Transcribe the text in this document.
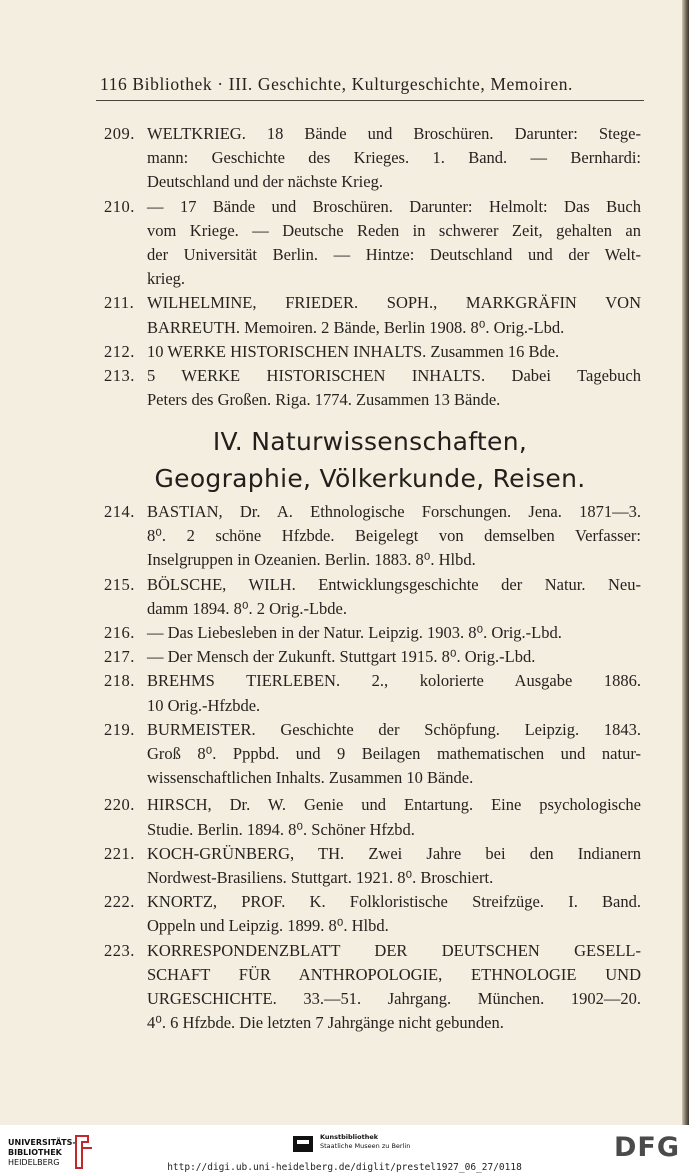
116 Bibliothek · III. Geschichte, Kulturgeschichte, Memoiren.
209. WELTKRIEG. 18 Bände und Broschüren. Darunter: Stege-
mann: Geschichte des Krieges. 1. Band. — Bernhardi:
Deutschland und der nächste Krieg.
210. — 17 Bände und Broschüren. Darunter: Helmolt: Das Buch
vom Kriege. — Deutsche Reden in schwerer Zeit, gehalten an
der Universität Berlin. — Hintze: Deutschland und der Welt-
krieg.
211. WILHELMINE, FRIEDER. SOPH., MARKGRÄFIN VON
BARREUTH. Memoiren. 2 Bände, Berlin 1908. 8⁰. Orig.-Lbd.
212. 10 WERKE HISTORISCHEN INHALTS. Zusammen 16 Bde.
213. 5 WERKE HISTORISCHEN INHALTS. Dabei Tagebuch
Peters des Großen. Riga. 1774. Zusammen 13 Bände.
IV. Naturwissenschaften,
Geographie, Völkerkunde, Reisen.
214. BASTIAN, Dr. A. Ethnologische Forschungen. Jena. 1871—3.
8⁰. 2 schöne Hfzbde. Beigelegt von demselben Verfasser:
Inselgruppen in Ozeanien. Berlin. 1883. 8⁰. Hlbd.
215. BÖLSCHE, WILH. Entwicklungsgeschichte der Natur. Neu-
damm 1894. 8⁰. 2 Orig.-Lbde.
216. — Das Liebesleben in der Natur. Leipzig. 1903. 8⁰. Orig.-Lbd.
217. — Der Mensch der Zukunft. Stuttgart 1915. 8⁰. Orig.-Lbd.
218. BREHMS TIERLEBEN. 2., kolorierte Ausgabe 1886.
10 Orig.-Hfzbde.
219. BURMEISTER. Geschichte der Schöpfung. Leipzig. 1843.
Groß 8⁰. Pppbd. und 9 Beilagen mathematischen und natur-
wissenschaftlichen Inhalts. Zusammen 10 Bände.
220. HIRSCH, Dr. W. Genie und Entartung. Eine psychologische
Studie. Berlin. 1894. 8⁰. Schöner Hfzbd.
221. KOCH-GRÜNBERG, TH. Zwei Jahre bei den Indianern
Nordwest-Brasiliens. Stuttgart. 1921. 8⁰. Broschiert.
222. KNORTZ, PROF. K. Folkloristische Streifzüge. I. Band.
Oppeln und Leipzig. 1899. 8⁰. Hlbd.
223. KORRESPONDENZBLATT DER DEUTSCHEN GESELL-
SCHAFT FÜR ANTHROPOLOGIE, ETHNOLOGIE UND
URGESCHICHTE. 33.—51. Jahrgang. München. 1902—20.
4⁰. 6 Hfzbde. Die letzten 7 Jahrgänge nicht gebunden.
UNIVERSITÄTS-
BIBLIOTHEK
HEIDELBERG
Kunstbibliothek
Staatliche Museen zu Berlin	DFG
http://digi.ub.uni-heidelberg.de/diglit/prestel1927_06_27/0118
